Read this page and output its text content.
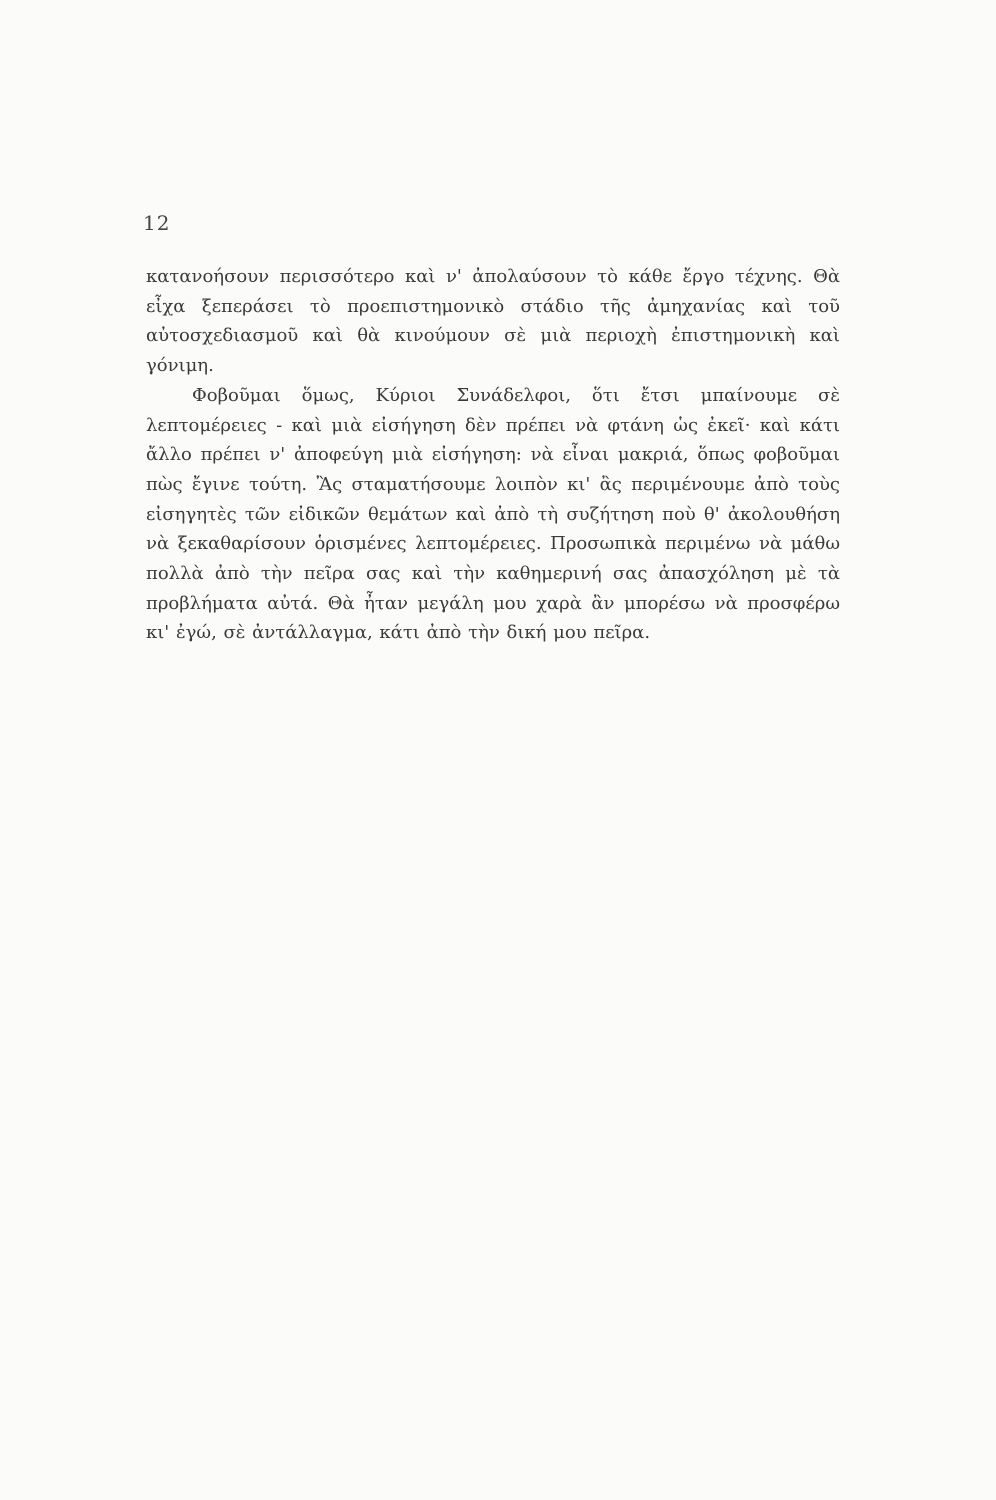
12

κατανοήσουν περισσότερο καὶ ν' ἀπολαύσουν τὸ κάθε ἔργο τέχνης. Θὰ εἶχα ξεπεράσει τὸ προεπιστημονικὸ στάδιο τῆς ἀμηχανίας καὶ τοῦ αὐτοσχεδιασμοῦ καὶ θὰ κινούμουν σὲ μιὰ περιοχὴ ἐπιστημονικὴ καὶ γόνιμη.

Φοβοῦμαι ὅμως, Κύριοι Συνάδελφοι, ὅτι ἔτσι μπαίνουμε σὲ λεπτομέρειες - καὶ μιὰ εἰσήγηση δὲν πρέπει νὰ φτάνη ὡς ἐκεῖ· καὶ κάτι ἄλλο πρέπει ν' ἀποφεύγη μιὰ εἰσήγηση: νὰ εἶναι μακριά, ὅπως φοβοῦμαι πὼς ἔγινε τούτη. Ἂς σταματήσουμε λοιπὸν κι' ἂς περιμένουμε ἀπὸ τοὺς εἰσηγητὲς τῶν εἰδικῶν θεμάτων καὶ ἀπὸ τὴ συζήτηση ποὺ θ' ἀκολουθήση νὰ ξεκαθαρίσουν ὁρισμένες λεπτομέρειες. Προσωπικὰ περιμένω νὰ μάθω πολλὰ ἀπὸ τὴν πεῖρα σας καὶ τὴν καθημερινή σας ἀπασχόληση μὲ τὰ προβλήματα αὐτά. Θὰ ἦταν μεγάλη μου χαρὰ ἂν μπορέσω νὰ προσφέρω κι' ἐγώ, σὲ ἀντάλλαγμα, κάτι ἀπὸ τὴν δική μου πεῖρα.
